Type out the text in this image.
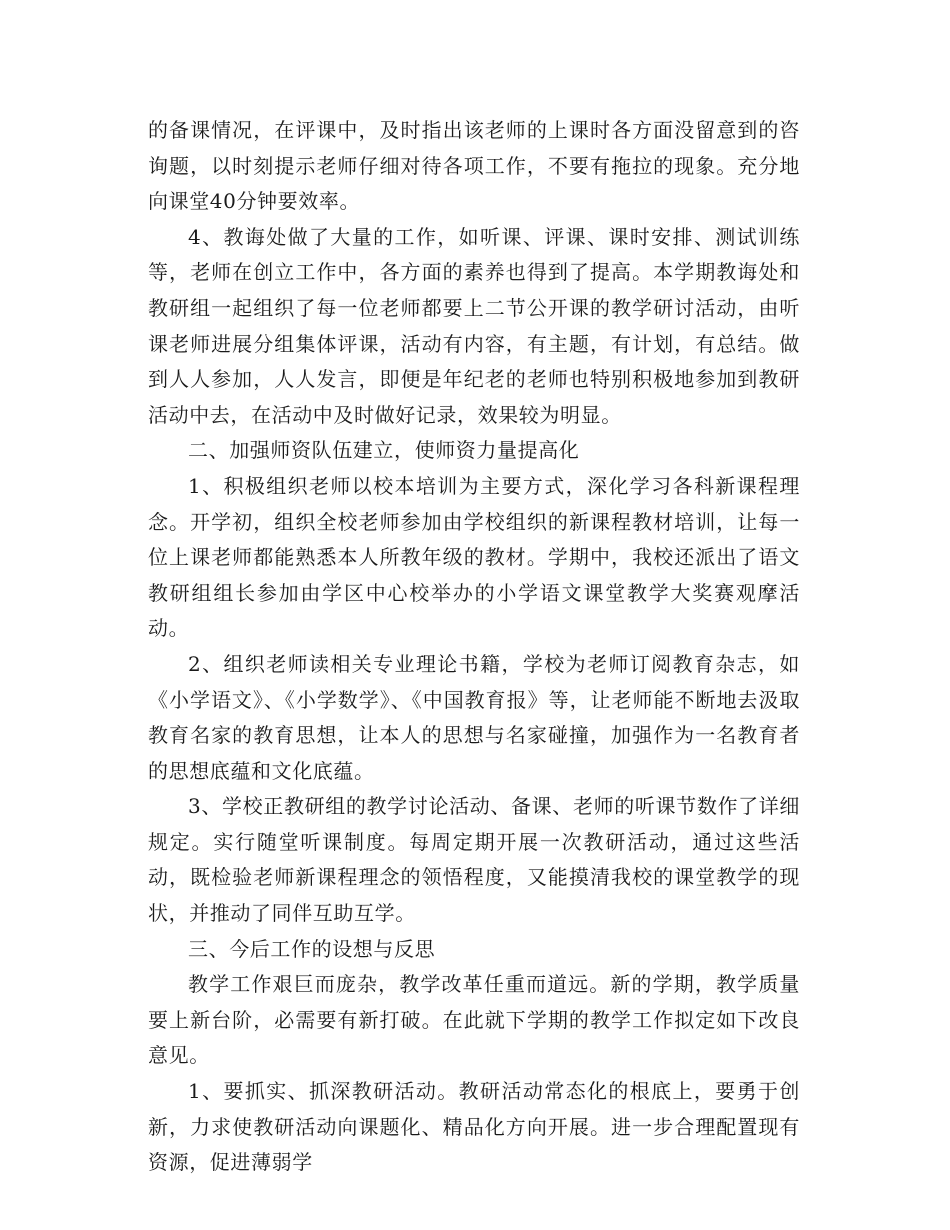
的备课情况，在评课中，及时指出该老师的上课时各方面没留意到的咨询题，以时刻提示老师仔细对待各项工作，不要有拖拉的现象。充分地向课堂40分钟要效率。

4、教诲处做了大量的工作，如听课、评课、课时安排、测试训练等，老师在创立工作中，各方面的素养也得到了提高。本学期教诲处和教研组一起组织了每一位老师都要上二节公开课的教学研讨活动，由听课老师进展分组集体评课，活动有内容，有主题，有计划，有总结。做到人人参加，人人发言，即便是年纪老的老师也特别积极地参加到教研活动中去，在活动中及时做好记录，效果较为明显。

二、加强师资队伍建立，使师资力量提高化

1、积极组织老师以校本培训为主要方式，深化学习各科新课程理念。开学初，组织全校老师参加由学校组织的新课程教材培训，让每一位上课老师都能熟悉本人所教年级的教材。学期中，我校还派出了语文教研组组长参加由学区中心校举办的小学语文课堂教学大奖赛观摩活动。

2、组织老师读相关专业理论书籍，学校为老师订阅教育杂志，如《小学语文》、《小学数学》、《中国教育报》等，让老师能不断地去汲取教育名家的教育思想，让本人的思想与名家碰撞，加强作为一名教育者的思想底蕴和文化底蕴。

3、学校正教研组的教学讨论活动、备课、老师的听课节数作了详细规定。实行随堂听课制度。每周定期开展一次教研活动，通过这些活动，既检验老师新课程理念的领悟程度，又能摸清我校的课堂教学的现状，并推动了同伴互助互学。

三、今后工作的设想与反思

教学工作艰巨而庞杂，教学改革任重而道远。新的学期，教学质量要上新台阶，必需要有新打破。在此就下学期的教学工作拟定如下改良意见。

1、要抓实、抓深教研活动。教研活动常态化的根底上，要勇于创新，力求使教研活动向课题化、精品化方向开展。进一步合理配置现有资源，促进薄弱学
